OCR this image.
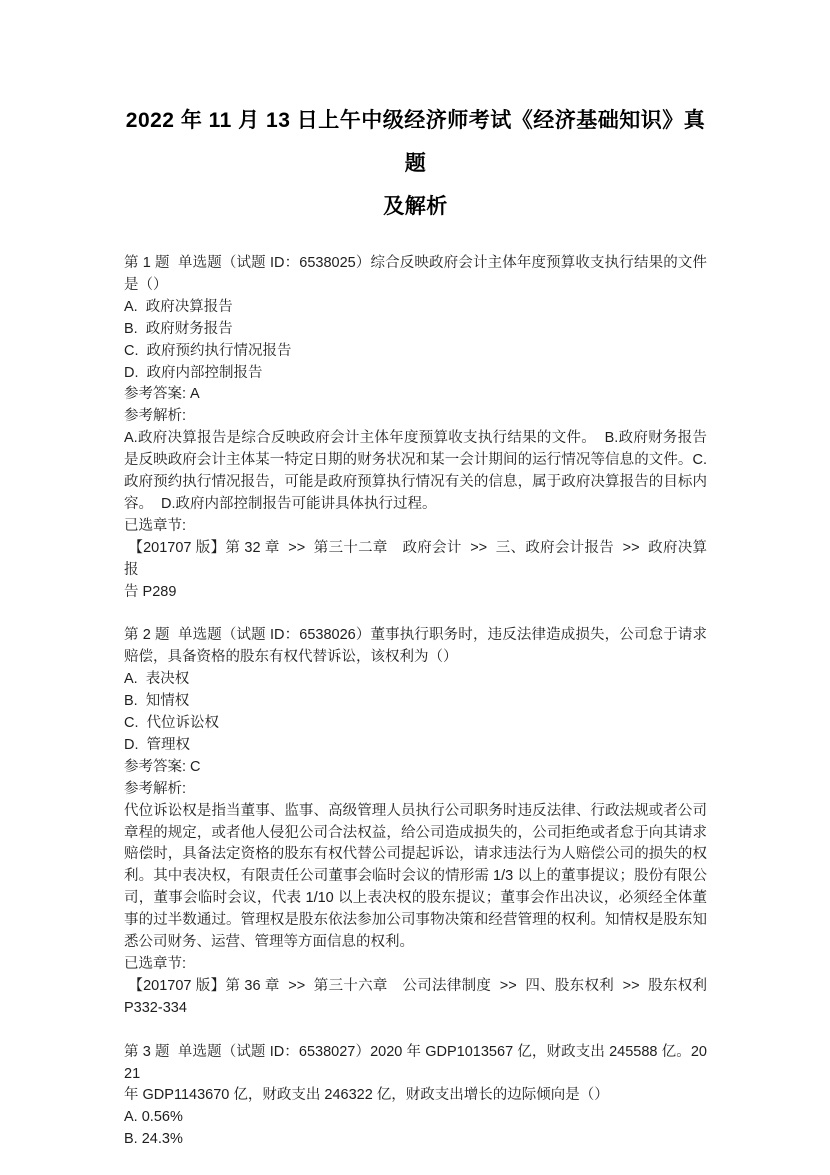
2022 年 11 月 13 日上午中级经济师考试《经济基础知识》真题
及解析
第 1 题  单选题（试题 ID：6538025）综合反映政府会计主体年度预算收支执行结果的文件
是（）
A.  政府决算报告
B.  政府财务报告
C.  政府预约执行情况报告
D.  政府内部控制报告
参考答案: A
参考解析:
A.政府决算报告是综合反映政府会计主体年度预算收支执行结果的文件。  B.政府财务报告
是反映政府会计主体某一特定日期的财务状况和某一会计期间的运行情况等信息的文件。C.
政府预约执行情况报告，可能是政府预算执行情况有关的信息，属于政府决算报告的目标内
容。  D.政府内部控制报告可能讲具体执行过程。
已选章节:
【201707 版】第 32 章  >>  第三十二章　政府会计  >>  三、政府会计报告  >>  政府决算报
告 P289
第 2 题  单选题（试题 ID：6538026）董事执行职务时，违反法律造成损失，公司怠于请求
赔偿，具备资格的股东有权代替诉讼，该权利为（）
A.  表决权
B.  知情权
C.  代位诉讼权
D.  管理权
参考答案: C
参考解析:
代位诉讼权是指当董事、监事、高级管理人员执行公司职务时违反法律、行政法规或者公司
章程的规定，或者他人侵犯公司合法权益，给公司造成损失的，公司拒绝或者怠于向其请求
赔偿时，具备法定资格的股东有权代替公司提起诉讼，请求违法行为人赔偿公司的损失的权
利。其中表决权，有限责任公司董事会临时会议的情形需 1/3 以上的董事提议；股份有限公
司，董事会临时会议，代表 1/10 以上表决权的股东提议；董事会作出决议，必须经全体董
事的过半数通过。管理权是股东依法参加公司事物决策和经营管理的权利。知情权是股东知
悉公司财务、运营、管理等方面信息的权利。
已选章节:
【201707 版】第 36 章  >>  第三十六章　公司法律制度  >>  四、股东权利  >>  股东权利
P332-334
第 3 题  单选题（试题 ID：6538027）2020 年 GDP1013567 亿，财政支出 245588 亿。2021
年 GDP1143670 亿，财政支出 246322 亿，财政支出增长的边际倾向是（）
A. 0.56%
B. 24.3%
